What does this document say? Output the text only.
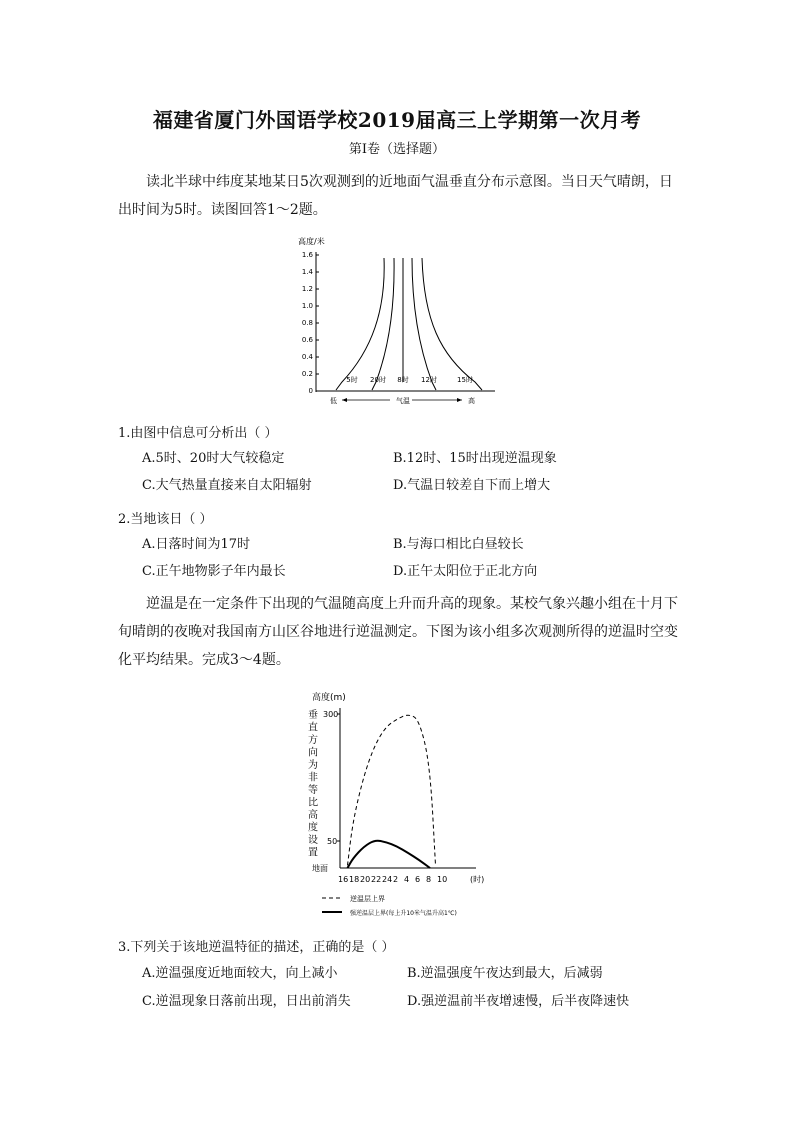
福建省厦门外国语学校2019届高三上学期第一次月考
第I卷（选择题）
读北半球中纬度某地某日5次观测到的近地面气温垂直分布示意图。当日天气晴朗，日
出时间为5时。读图回答1～2题。
高度/米
1.6
1.4
1.2
1.0
0.8
0.6
0.4
0.2
0
5时 20时 8时 12时	15时
低	气温	高
1.由图中信息可分析出（ ）
A.5时、20时大气较稳定	B.12时、15时出现逆温现象
C.大气热量直接来自太阳辐射	D.气温日较差自下而上增大
2.当地该日（ ）
A.日落时间为17时	B.与海口相比白昼较长
C.正午地物影子年内最长	D.正午太阳位于正北方向
逆温是在一定条件下出现的气温随高度上升而升高的现象。某校气象兴趣小组在十月下
旬晴朗的夜晚对我国南方山区谷地进行逆温测定。下图为该小组多次观测所得的逆温时空变
化平均结果。完成3～4题。
高度(m)
垂直方向为非等比高度设置
300
50
地面
16 18 20 22 24 2 4 6 8 10	(时)
逆温层上界
强逆温层上界(每上升10米气温升高1℃)
3.下列关于该地逆温特征的描述，正确的是（ ）
A.逆温强度近地面较大，向上减小	B.逆温强度午夜达到最大，后减弱
C.逆温现象日落前出现，日出前消失	D.强逆温前半夜增速慢，后半夜降速快
